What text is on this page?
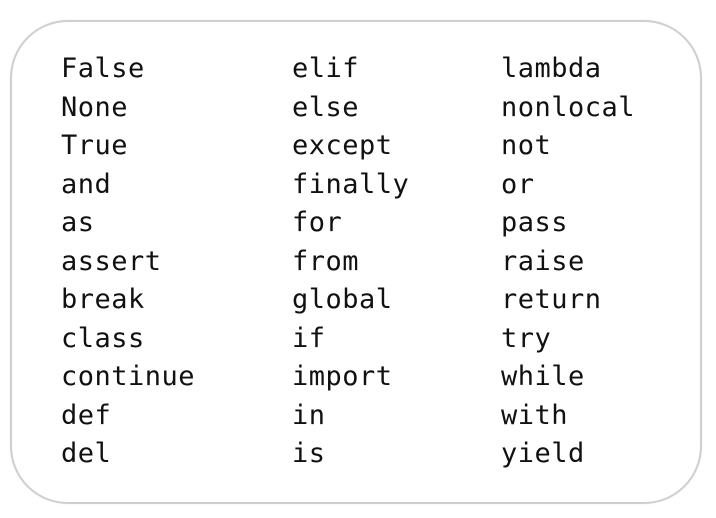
False
None
True
and
as
assert
break
class
continue
def
del
elif
else
except
finally
for
from
global
if
import
in
is
lambda
nonlocal
not
or
pass
raise
return
try
while
with
yield
